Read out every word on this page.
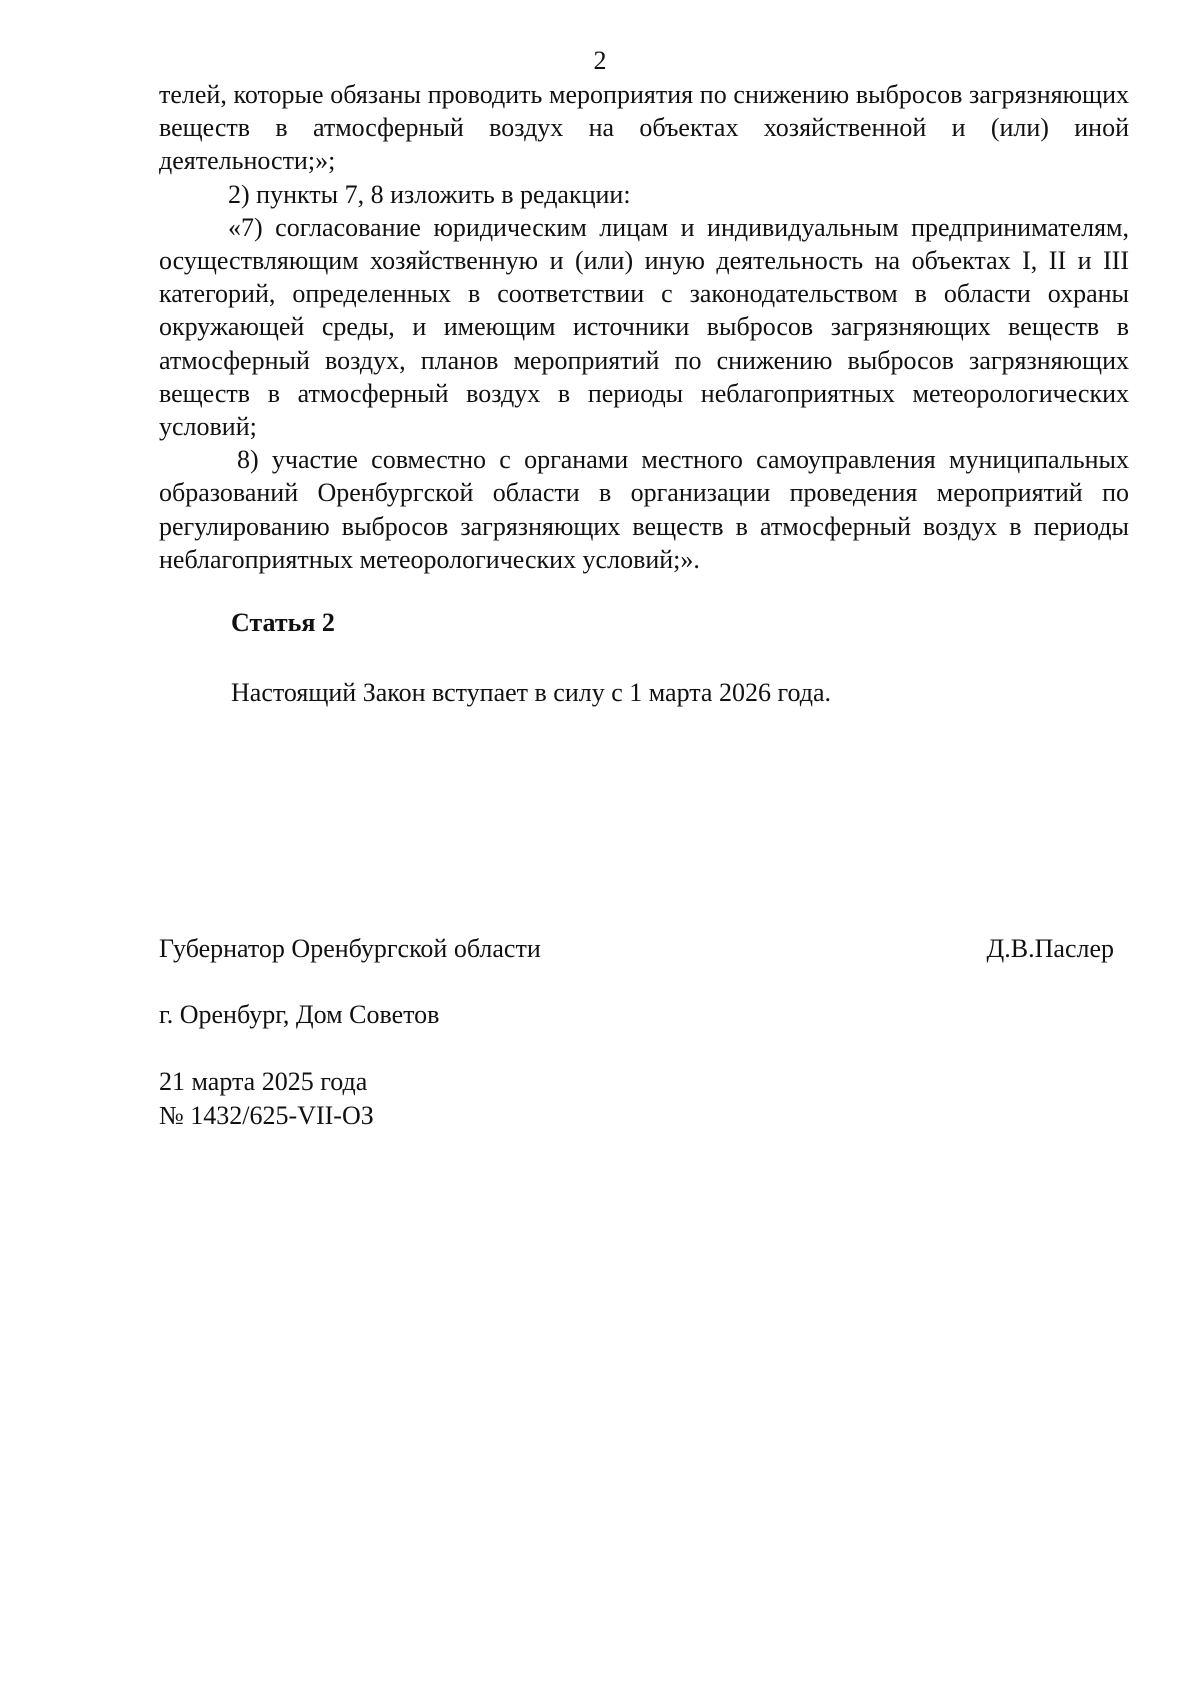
2

телей, которые обязаны проводить мероприятия по снижению выбросов загрязняющих веществ в атмосферный воздух на объектах хозяйственной и (или) иной деятельности;»;

2) пункты 7, 8 изложить в редакции:

«7) согласование юридическим лицам и индивидуальным предпринимателям, осуществляющим хозяйственную и (или) иную деятельность на объектах I, II и III категорий, определенных в соответствии с законодательством в области охраны окружающей среды, и имеющим источники выбросов загрязняющих веществ в атмосферный воздух, планов мероприятий по снижению выбросов загрязняющих веществ в атмосферный воздух в периоды неблагоприятных метеорологических условий;

8) участие совместно с органами местного самоуправления муниципальных образований Оренбургской области в организации проведения мероприятий по регулированию выбросов загрязняющих веществ в атмосферный воздух в периоды неблагоприятных метеорологических условий;».

Статья 2
Настоящий Закон вступает в силу с 1 марта 2026 года.
Губернатор Оренбургской области	Д.В.Паслер
г. Оренбург, Дом Советов
21 марта 2025 года
№ 1432/625-VII-ОЗ
